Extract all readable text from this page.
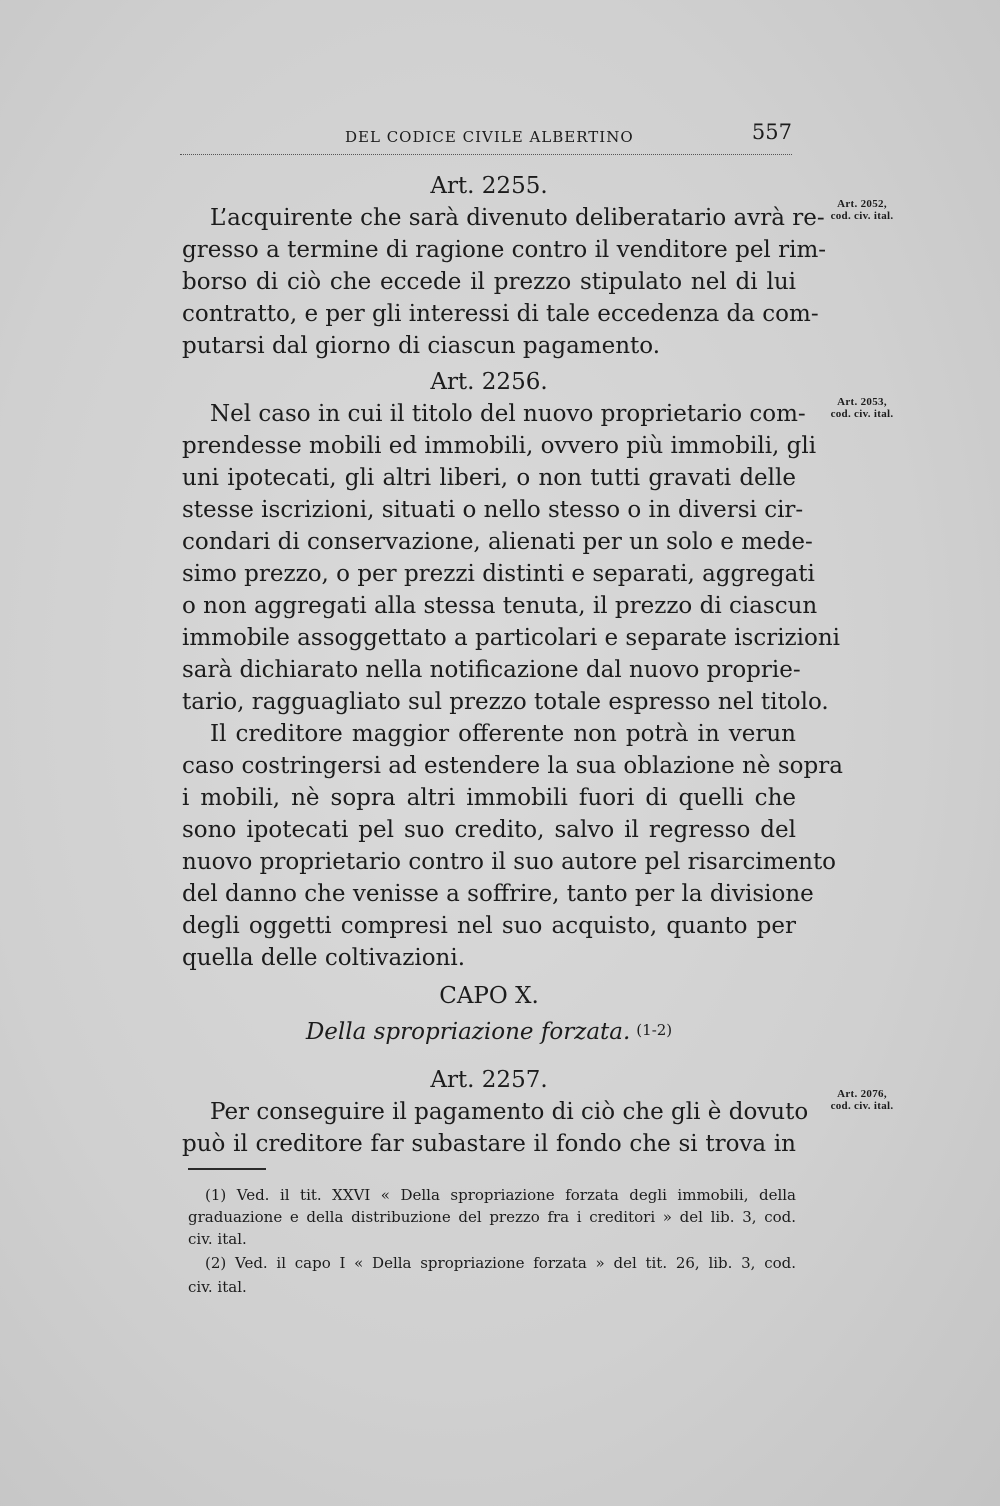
DEL CODICE CIVILE ALBERTINO	557
Art. 2255.
L’acquirente che sarà divenuto deliberatario avrà re-
gresso a termine di ragione contro il venditore pel rim-
borso di ciò che eccede il prezzo stipulato nel di lui
contratto, e per gli interessi di tale eccedenza da com-
putarsi dal giorno di ciascun pagamento.
Art. 2256.
Nel caso in cui il titolo del nuovo proprietario com-
prendesse mobili ed immobili, ovvero più immobili, gli
uni ipotecati, gli altri liberi, o non tutti gravati delle
stesse iscrizioni, situati o nello stesso o in diversi cir-
condari di conservazione, alienati per un solo e mede-
simo prezzo, o per prezzi distinti e separati, aggregati
o non aggregati alla stessa tenuta, il prezzo di ciascun
immobile assoggettato a particolari e separate iscrizioni
sarà dichiarato nella notificazione dal nuovo proprie-
tario, ragguagliato sul prezzo totale espresso nel titolo.
Il creditore maggior offerente non potrà in verun
caso costringersi ad estendere la sua oblazione nè sopra
i mobili, nè sopra altri immobili fuori di quelli che
sono ipotecati pel suo credito, salvo il regresso del
nuovo proprietario contro il suo autore pel risarcimento
del danno che venisse a soffrire, tanto per la divisione
degli oggetti compresi nel suo acquisto, quanto per
quella delle coltivazioni.
CAPO X.
Della spropriazione forzata. $^{(1-2)}$
Art. 2257.
Per conseguire il pagamento di ciò che gli è dovuto
può il creditore far subastare il fondo che si trova in
Art. 2052,
cod. civ. ital.
Art. 2053,
cod. civ. ital.
Art. 2076,
cod. civ. ital.
(1) Ved. il tit. XXVI « Della spropriazione forzata degli immobili, della
graduazione e della distribuzione del prezzo fra i creditori » del lib. 3, cod.
civ. ital.
(2) Ved. il capo I « Della spropriazione forzata » del tit. 26, lib. 3, cod.
civ. ital.
